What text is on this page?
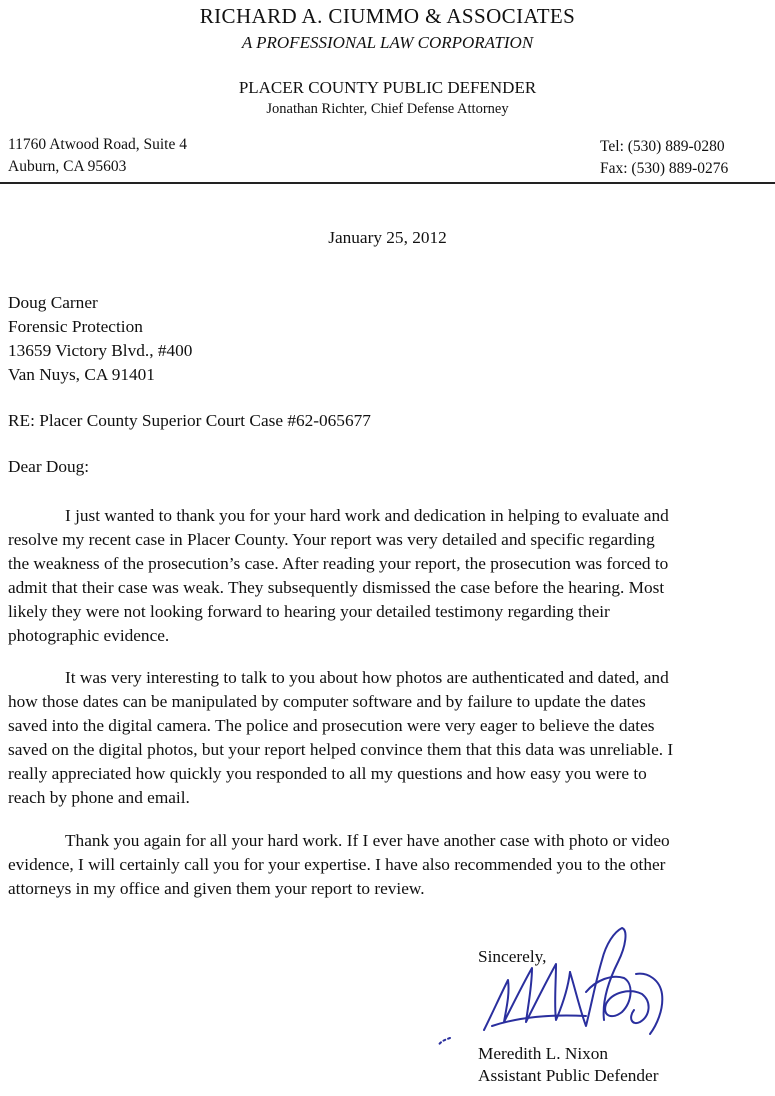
RICHARD A. CIUMMO & ASSOCIATES
A PROFESSIONAL LAW CORPORATION
PLACER COUNTY PUBLIC DEFENDER
Jonathan Richter, Chief Defense Attorney
11760 Atwood Road, Suite 4
Auburn, CA 95603
Tel: (530) 889-0280
Fax: (530) 889-0276
January 25, 2012
Doug Carner
Forensic Protection
13659 Victory Blvd., #400
Van Nuys, CA 91401
RE: Placer County Superior Court Case #62-065677
Dear Doug:
I just wanted to thank you for your hard work and dedication in helping to evaluate and
resolve my recent case in Placer County. Your report was very detailed and specific regarding
the weakness of the prosecution’s case. After reading your report, the prosecution was forced to
admit that their case was weak. They subsequently dismissed the case before the hearing. Most
likely they were not looking forward to hearing your detailed testimony regarding their
photographic evidence.
It was very interesting to talk to you about how photos are authenticated and dated, and
how those dates can be manipulated by computer software and by failure to update the dates
saved into the digital camera. The police and prosecution were very eager to believe the dates
saved on the digital photos, but your report helped convince them that this data was unreliable. I
really appreciated how quickly you responded to all my questions and how easy you were to
reach by phone and email.
Thank you again for all your hard work. If I ever have another case with photo or video
evidence, I will certainly call you for your expertise. I have also recommended you to the other
attorneys in my office and given them your report to review.
Sincerely,
Meredith L. Nixon
Assistant Public Defender
